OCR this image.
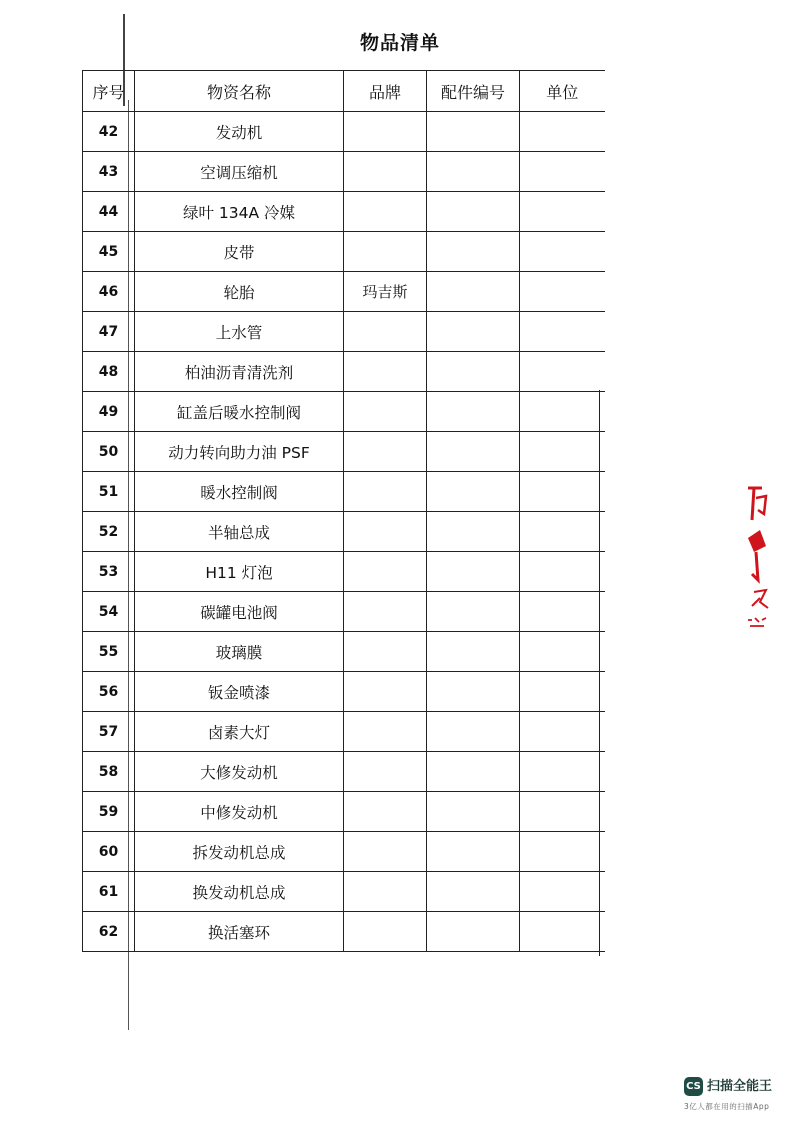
物品清单
序号	物资名称	品牌	配件编号	单位
42	发动机			
43	空调压缩机			
44	绿叶 134A 冷媒			
45	皮带			
46	轮胎	玛吉斯		
47	上水管			
48	柏油沥青清洗剂			
49	缸盖后暖水控制阀			
50	动力转向助力油 PSF			
51	暖水控制阀			
52	半轴总成			
53	H11 灯泡			
54	碳罐电池阀			
55	玻璃膜			
56	钣金喷漆			
57	卤素大灯			
58	大修发动机			
59	中修发动机			
60	拆发动机总成			
61	换发动机总成			
62	换活塞环			
CS 扫描全能王
3亿人都在用的扫描App
